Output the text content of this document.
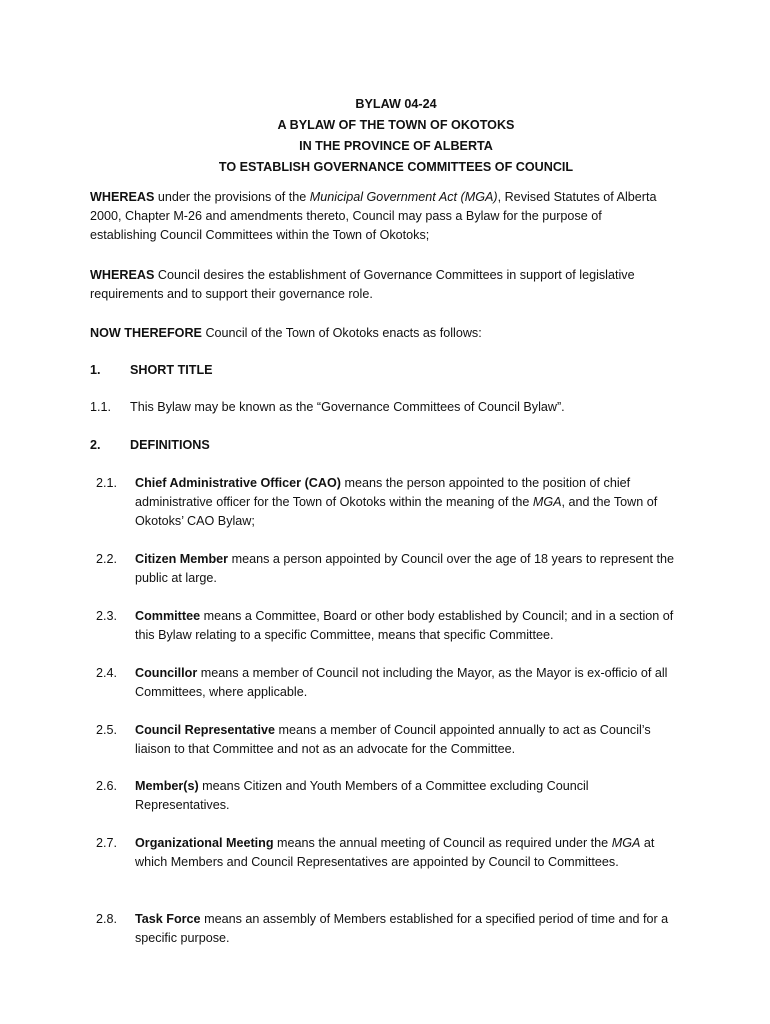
BYLAW 04-24
A BYLAW OF THE TOWN OF OKOTOKS
IN THE PROVINCE OF ALBERTA
TO ESTABLISH GOVERNANCE COMMITTEES OF COUNCIL
WHEREAS under the provisions of the Municipal Government Act (MGA), Revised Statutes of Alberta 2000, Chapter M-26 and amendments thereto, Council may pass a Bylaw for the purpose of establishing Council Committees within the Town of Okotoks;
WHEREAS Council desires the establishment of Governance Committees in support of legislative requirements and to support their governance role.
NOW THEREFORE Council of the Town of Okotoks enacts as follows:
1. SHORT TITLE
1.1. This Bylaw may be known as the “Governance Committees of Council Bylaw”.
2. DEFINITIONS
2.1.	Chief Administrative Officer (CAO) means the person appointed to the position of chief administrative officer for the Town of Okotoks within the meaning of the MGA, and the Town of Okotoks’ CAO Bylaw;
2.2.	Citizen Member means a person appointed by Council over the age of 18 years to represent the public at large.
2.3.	Committee means a Committee, Board or other body established by Council; and in a section of this Bylaw relating to a specific Committee, means that specific Committee.
2.4.	Councillor means a member of Council not including the Mayor, as the Mayor is ex-officio of all Committees, where applicable.
2.5.	Council Representative means a member of Council appointed annually to act as Council’s liaison to that Committee and not as an advocate for the Committee.
2.6.	Member(s) means Citizen and Youth Members of a Committee excluding Council Representatives.
2.7.	Organizational Meeting means the annual meeting of Council as required under the MGA at which Members and Council Representatives are appointed by Council to Committees.
2.8.	Task Force means an assembly of Members established for a specified period of time and for a specific purpose.
